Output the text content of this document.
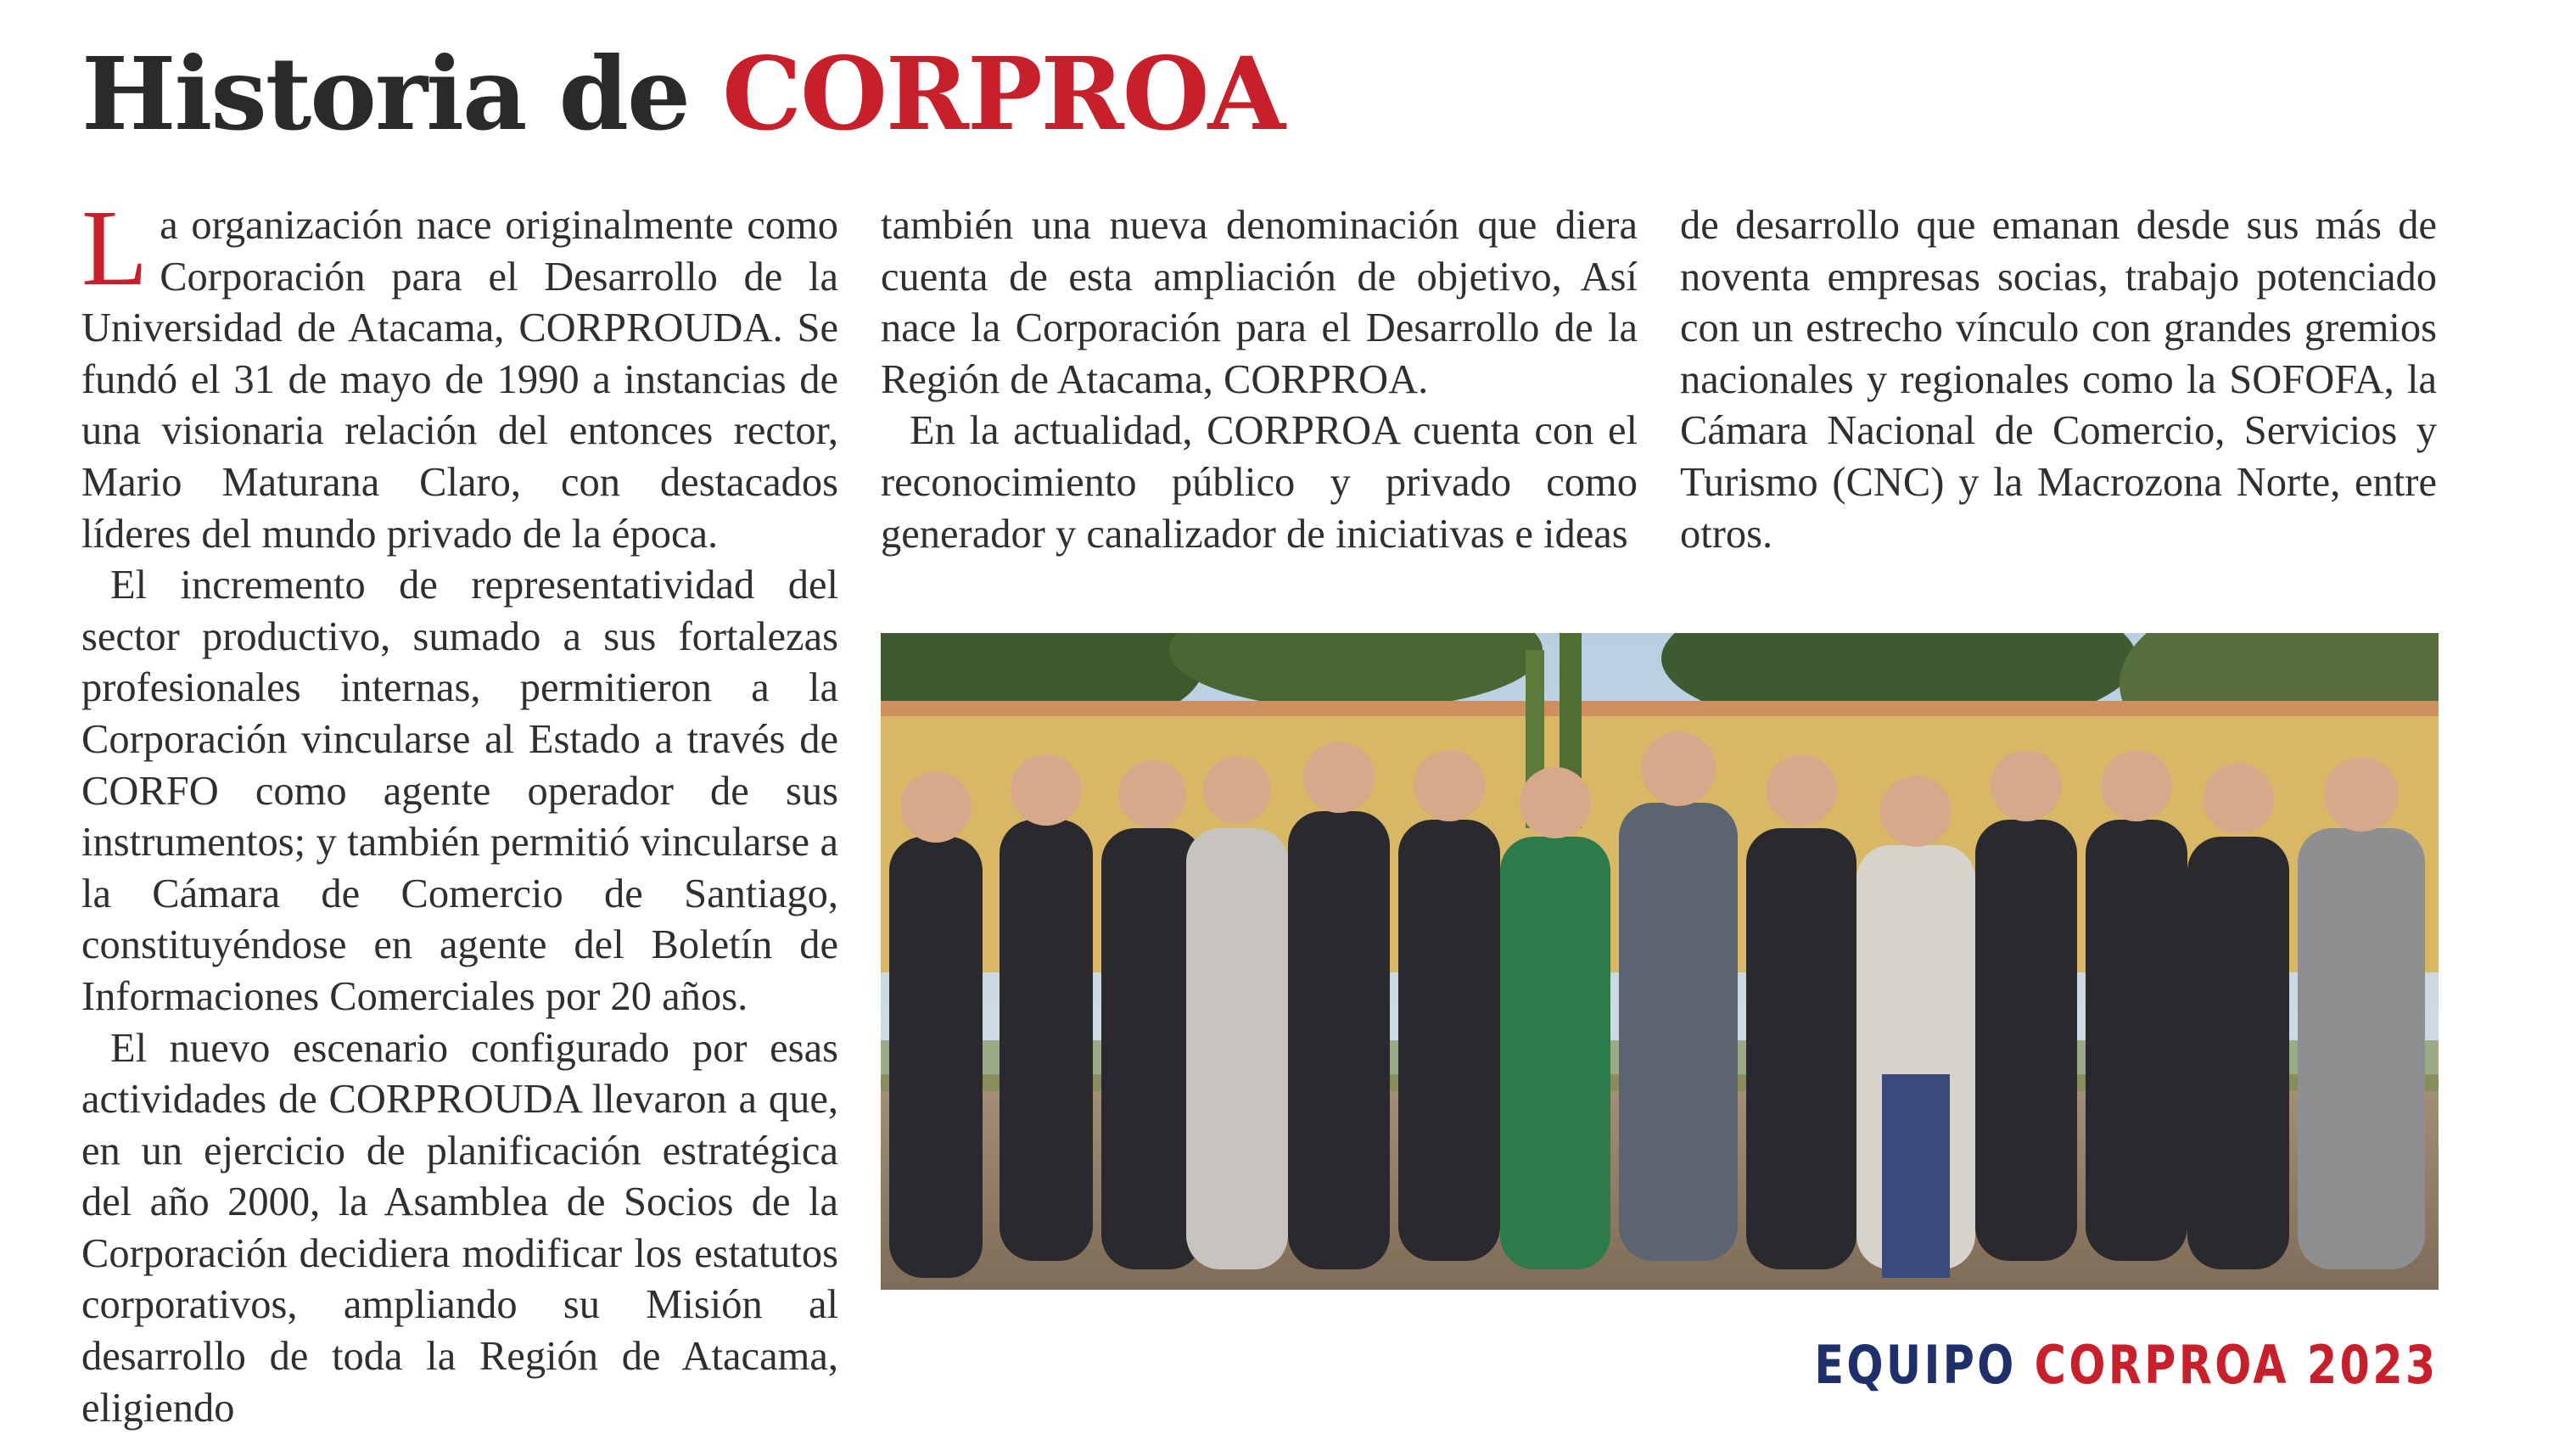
Historia de CORPROA

La organización nace originalmente como Corporación para el Desarrollo de la Universidad de Atacama, CORPROUDA. Se fundó el 31 de mayo de 1990 a instancias de una visionaria relación del entonces rector, Mario Maturana Claro, con destacados líderes del mundo privado de la época.

El incremento de representatividad del sector productivo, sumado a sus fortalezas profesionales internas, permitieron a la Corporación vincularse al Estado a través de CORFO como agente operador de sus instrumentos; y también permitió vincularse a la Cámara de Comercio de Santiago, constituyéndose en agente del Boletín de Informaciones Comerciales por 20 años.

El nuevo escenario configurado por esas actividades de CORPROUDA llevaron a que, en un ejercicio de planificación estratégica del año 2000, la Asamblea de Socios de la Corporación decidiera modificar los estatutos corporativos, ampliando su Misión al desarrollo de toda la Región de Atacama, eligiendo

también una nueva denominación que diera cuenta de esta ampliación de objetivo, Así nace la Corporación para el Desarrollo de la Región de Atacama, CORPROA.

En la actualidad, CORPROA cuenta con el reconocimiento público y privado como generador y canalizador de iniciativas e ideas

de desarrollo que emanan desde sus más de noventa empresas socias, trabajo potenciado con un estrecho vínculo con grandes gremios nacionales y regionales como la SOFOFA, la Cámara Nacional de Comercio, Servicios y Turismo (CNC) y la Macrozona Norte, entre otros.

EQUIPO CORPROA 2023
